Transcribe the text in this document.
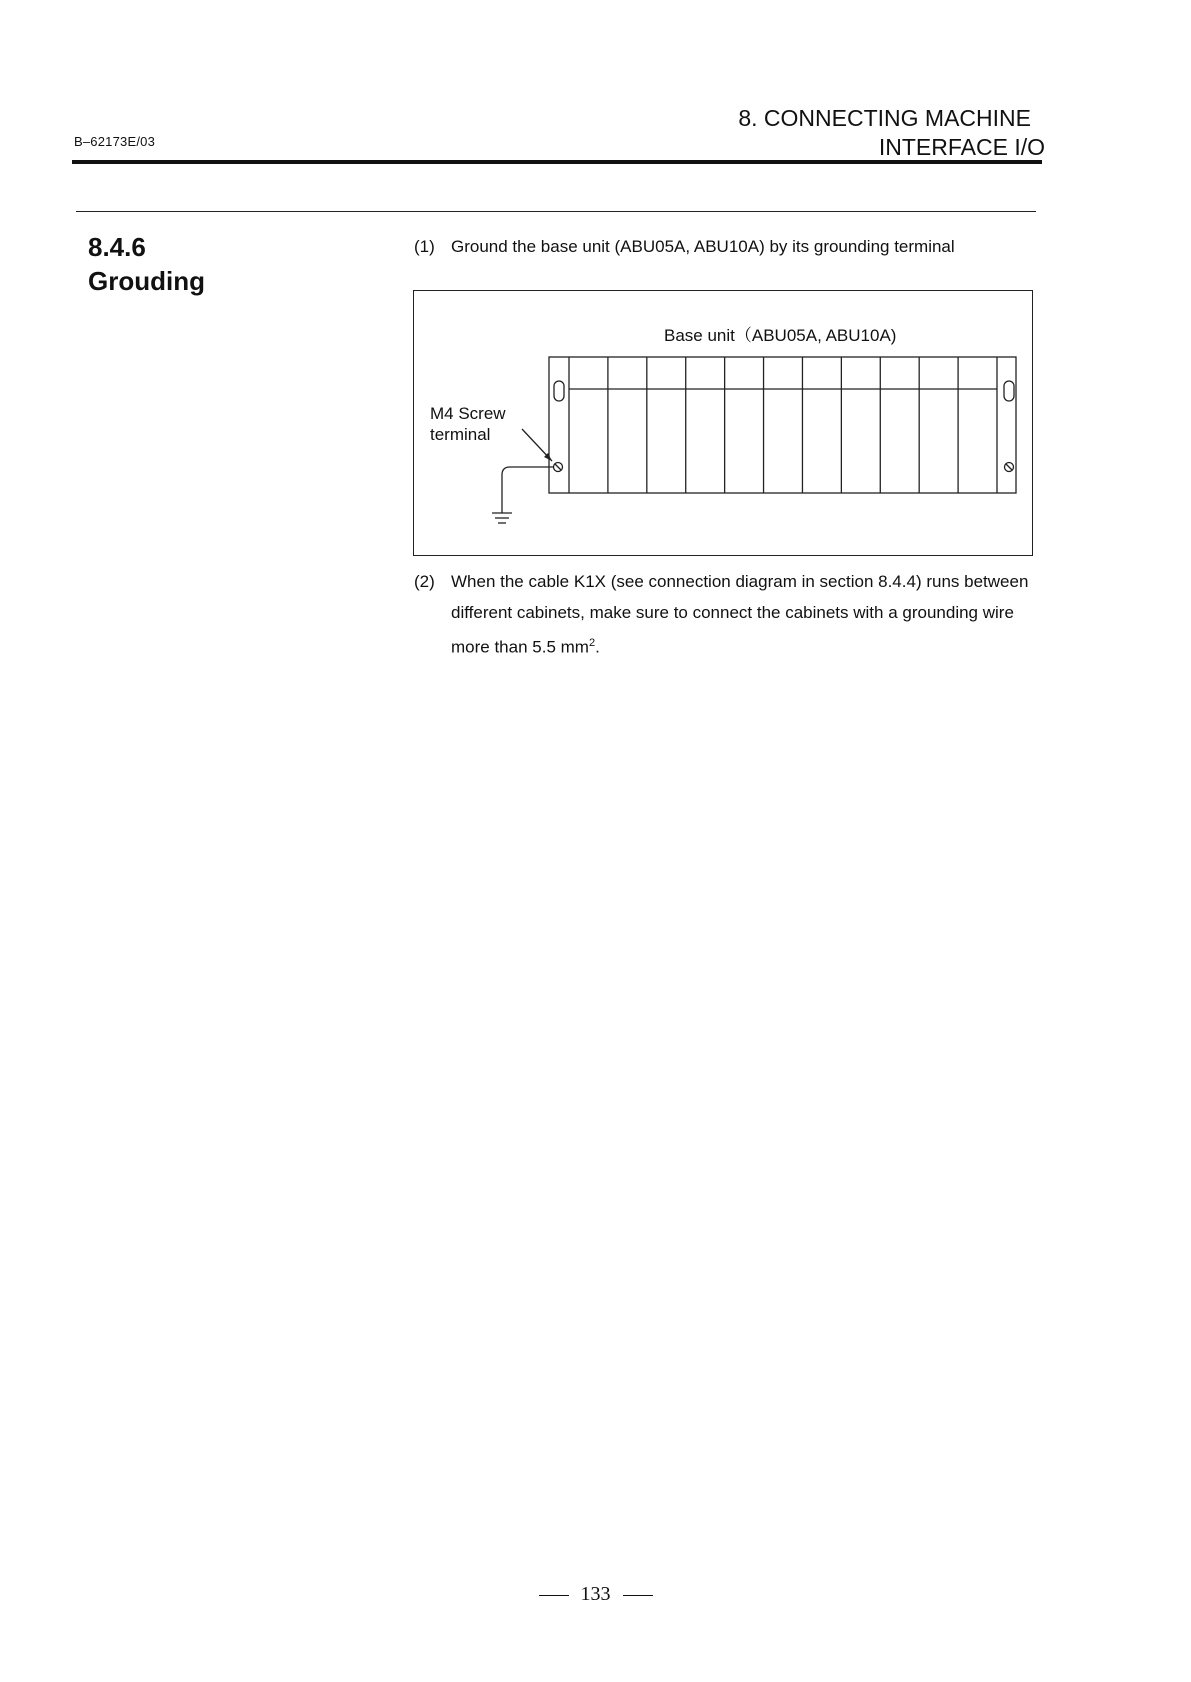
B–62173E/03
8. CONNECTING MACHINE
INTERFACE I/O
8.4.6
Grouding
(1) Ground the base unit (ABU05A, ABU10A) by its grounding terminal
Base unit（ABU05A, ABU10A)
M4 Screw
terminal
(2) When the cable K1X (see connection diagram in section 8.4.4) runs between different cabinets, make sure to connect the cabinets with a grounding wire more than 5.5 $mm^2$.
133
